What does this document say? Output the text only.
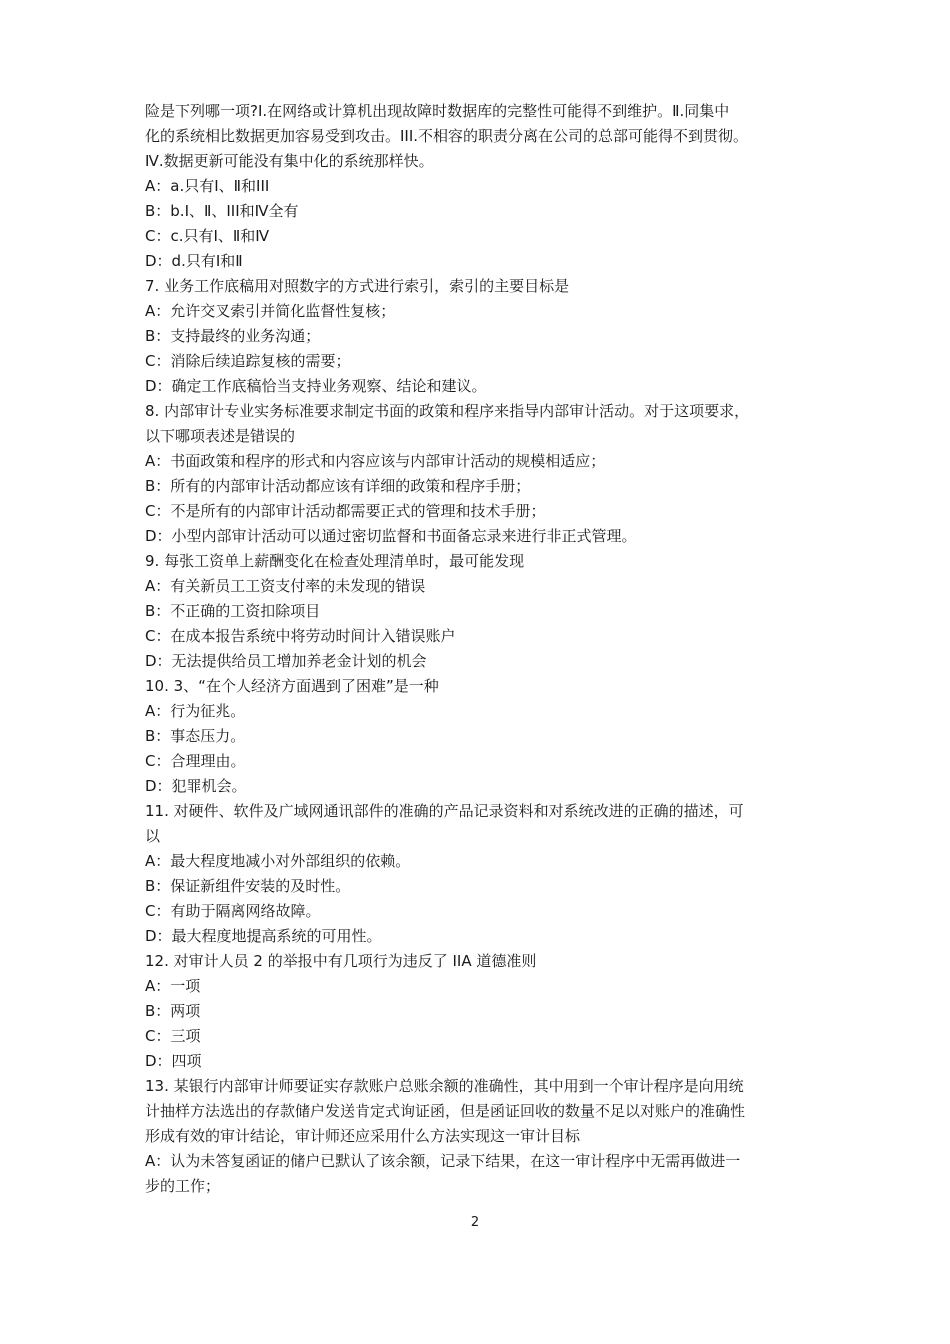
险是下列哪一项?I.在网络或计算机出现故障时数据库的完整性可能得不到维护。Ⅱ.同集中
化的系统相比数据更加容易受到攻击。III.不相容的职责分离在公司的总部可能得不到贯彻。
Ⅳ.数据更新可能没有集中化的系统那样快。
A：a.只有Ⅰ、Ⅱ和III
B：b.I、Ⅱ、III和Ⅳ全有
C：c.只有Ⅰ、Ⅱ和Ⅳ
D：d.只有Ⅰ和Ⅱ
7. 业务工作底稿用对照数字的方式进行索引，索引的主要目标是
A：允许交叉索引并简化监督性复核；
B：支持最终的业务沟通；
C：消除后续追踪复核的需要；
D：确定工作底稿恰当支持业务观察、结论和建议。
8. 内部审计专业实务标准要求制定书面的政策和程序来指导内部审计活动。对于这项要求，
以下哪项表述是错误的
A：书面政策和程序的形式和内容应该与内部审计活动的规模相适应；
B：所有的内部审计活动都应该有详细的政策和程序手册；
C：不是所有的内部审计活动都需要正式的管理和技术手册；
D：小型内部审计活动可以通过密切监督和书面备忘录来进行非正式管理。
9. 每张工资单上薪酬变化在检查处理清单时，最可能发现
A：有关新员工工资支付率的未发现的错误
B：不正确的工资扣除项目
C：在成本报告系统中将劳动时间计入错误账户
D：无法提供给员工增加养老金计划的机会
10. 3、“在个人经济方面遇到了困难”是一种
A：行为征兆。
B：事态压力。
C：合理理由。
D：犯罪机会。
11. 对硬件、软件及广域网通讯部件的准确的产品记录资料和对系统改进的正确的描述，可
以
A：最大程度地减小对外部组织的依赖。
B：保证新组件安装的及时性。
C：有助于隔离网络故障。
D：最大程度地提高系统的可用性。
12. 对审计人员 2 的举报中有几项行为违反了 IIA 道德准则
A：一项
B：两项
C：三项
D：四项
13. 某银行内部审计师要证实存款账户总账余额的准确性，其中用到一个审计程序是向用统
计抽样方法选出的存款储户发送肯定式询证函，但是函证回收的数量不足以对账户的准确性
形成有效的审计结论，审计师还应采用什么方法实现这一审计目标
A：认为未答复函证的储户已默认了该余额，记录下结果，在这一审计程序中无需再做进一
步的工作；
2
